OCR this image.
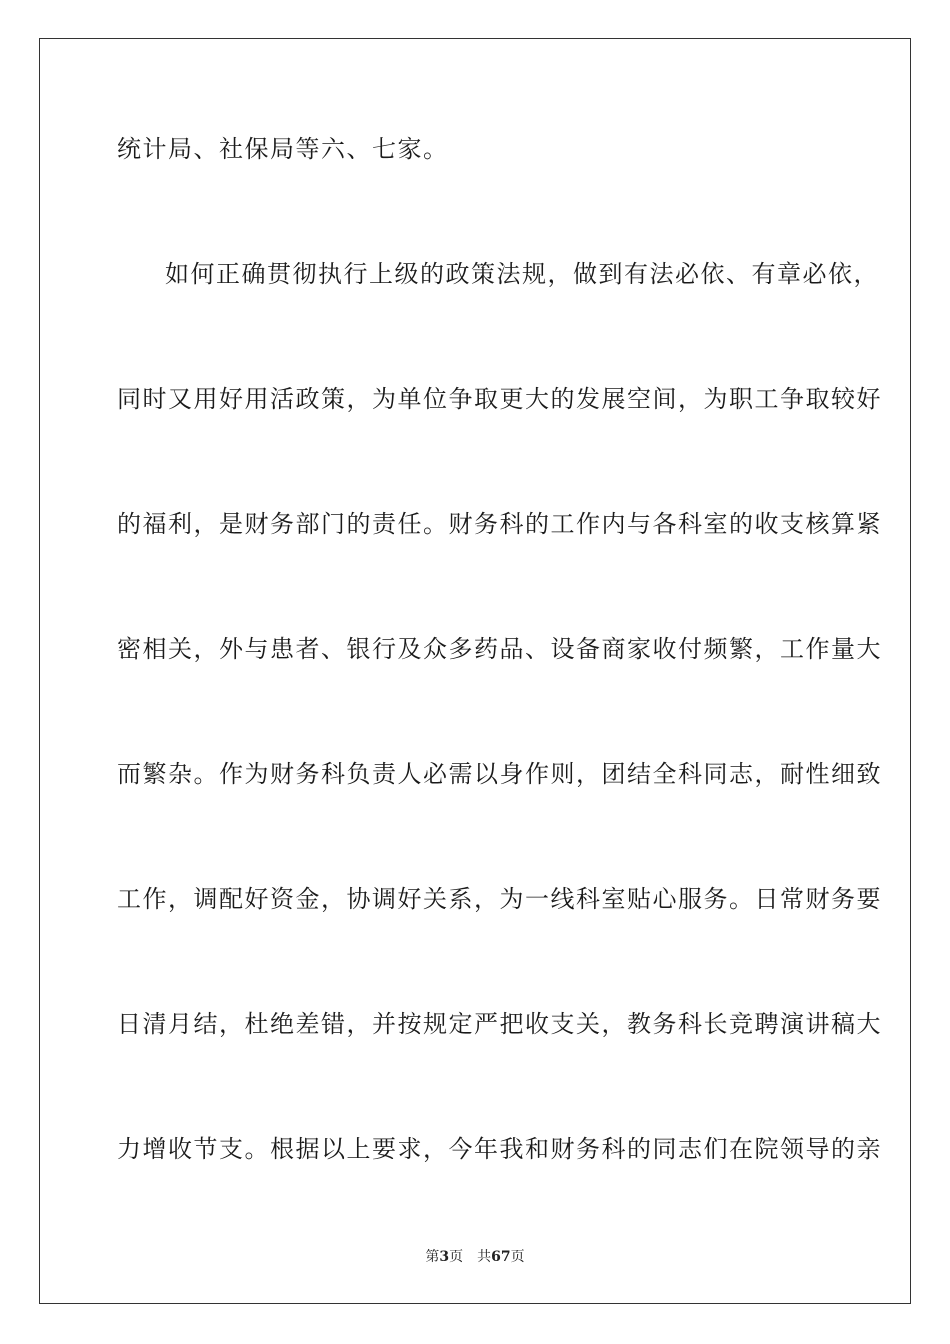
统计局、社保局等六、七家。
如何正确贯彻执行上级的政策法规，做到有法必依、有章必依，
同时又用好用活政策，为单位争取更大的发展空间，为职工争取较好
的福利，是财务部门的责任。财务科的工作内与各科室的收支核算紧
密相关，外与患者、银行及众多药品、设备商家收付频繁，工作量大
而繁杂。作为财务科负责人必需以身作则，团结全科同志，耐性细致
工作，调配好资金，协调好关系，为一线科室贴心服务。日常财务要
日清月结，杜绝差错，并按规定严把收支关，教务科长竞聘演讲稿大
力增收节支。根据以上要求，今年我和财务科的同志们在院领导的亲
第3页 共67页
